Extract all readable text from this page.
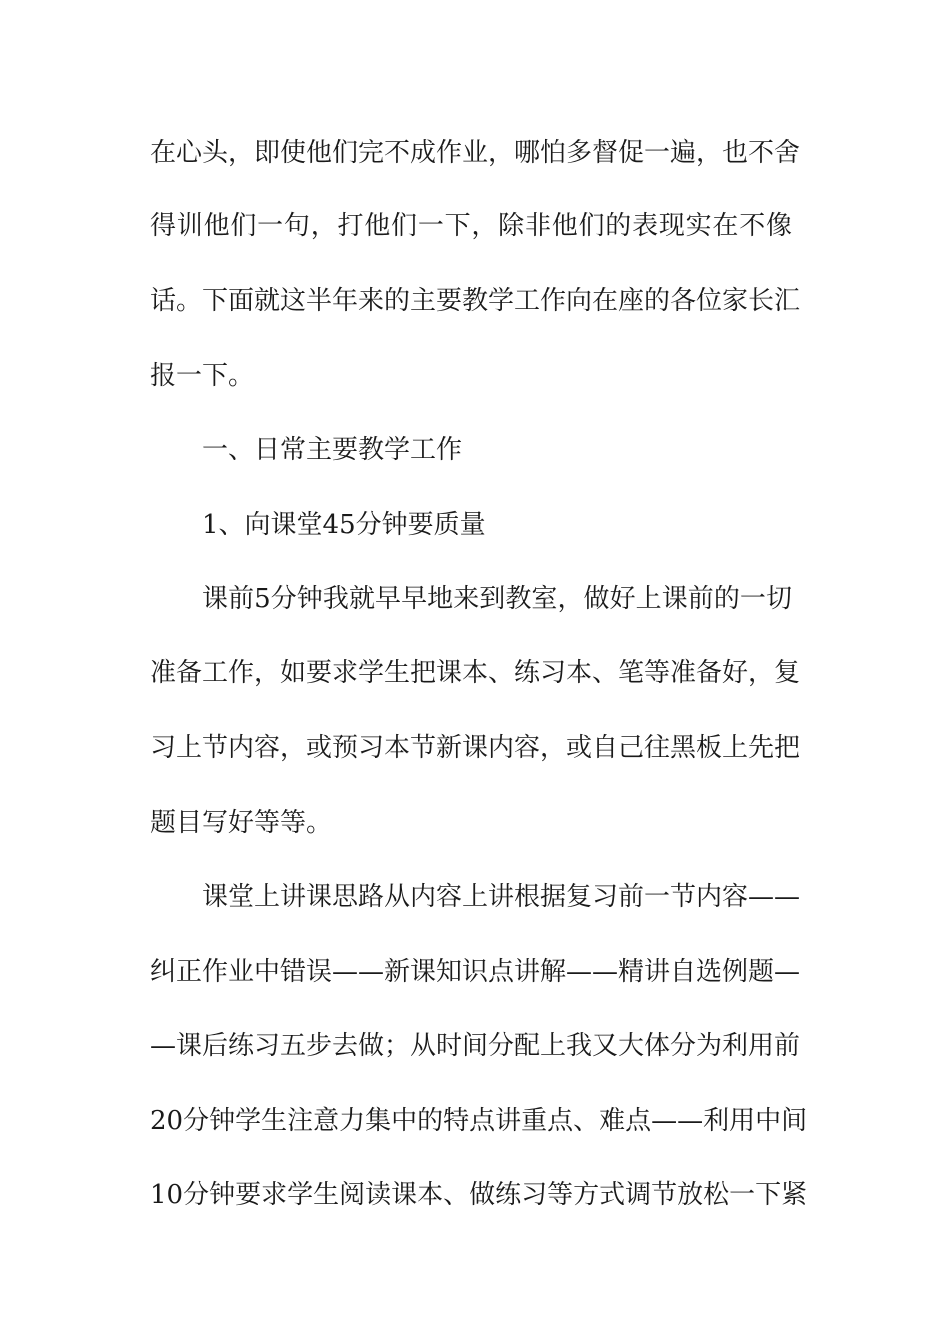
在心头，即使他们完不成作业，哪怕多督促一遍，也不舍
得训他们一句，打他们一下，除非他们的表现实在不像
话。下面就这半年来的主要教学工作向在座的各位家长汇
报一下。
一、日常主要教学工作
1、向课堂45分钟要质量
课前5分钟我就早早地来到教室，做好上课前的一切
准备工作，如要求学生把课本、练习本、笔等准备好，复
习上节内容，或预习本节新课内容，或自己往黑板上先把
题目写好等等。
课堂上讲课思路从内容上讲根据复习前一节内容——
纠正作业中错误——新课知识点讲解——精讲自选例题—
—课后练习五步去做；从时间分配上我又大体分为利用前
20分钟学生注意力集中的特点讲重点、难点——利用中间
10分钟要求学生阅读课本、做练习等方式调节放松一下紧
